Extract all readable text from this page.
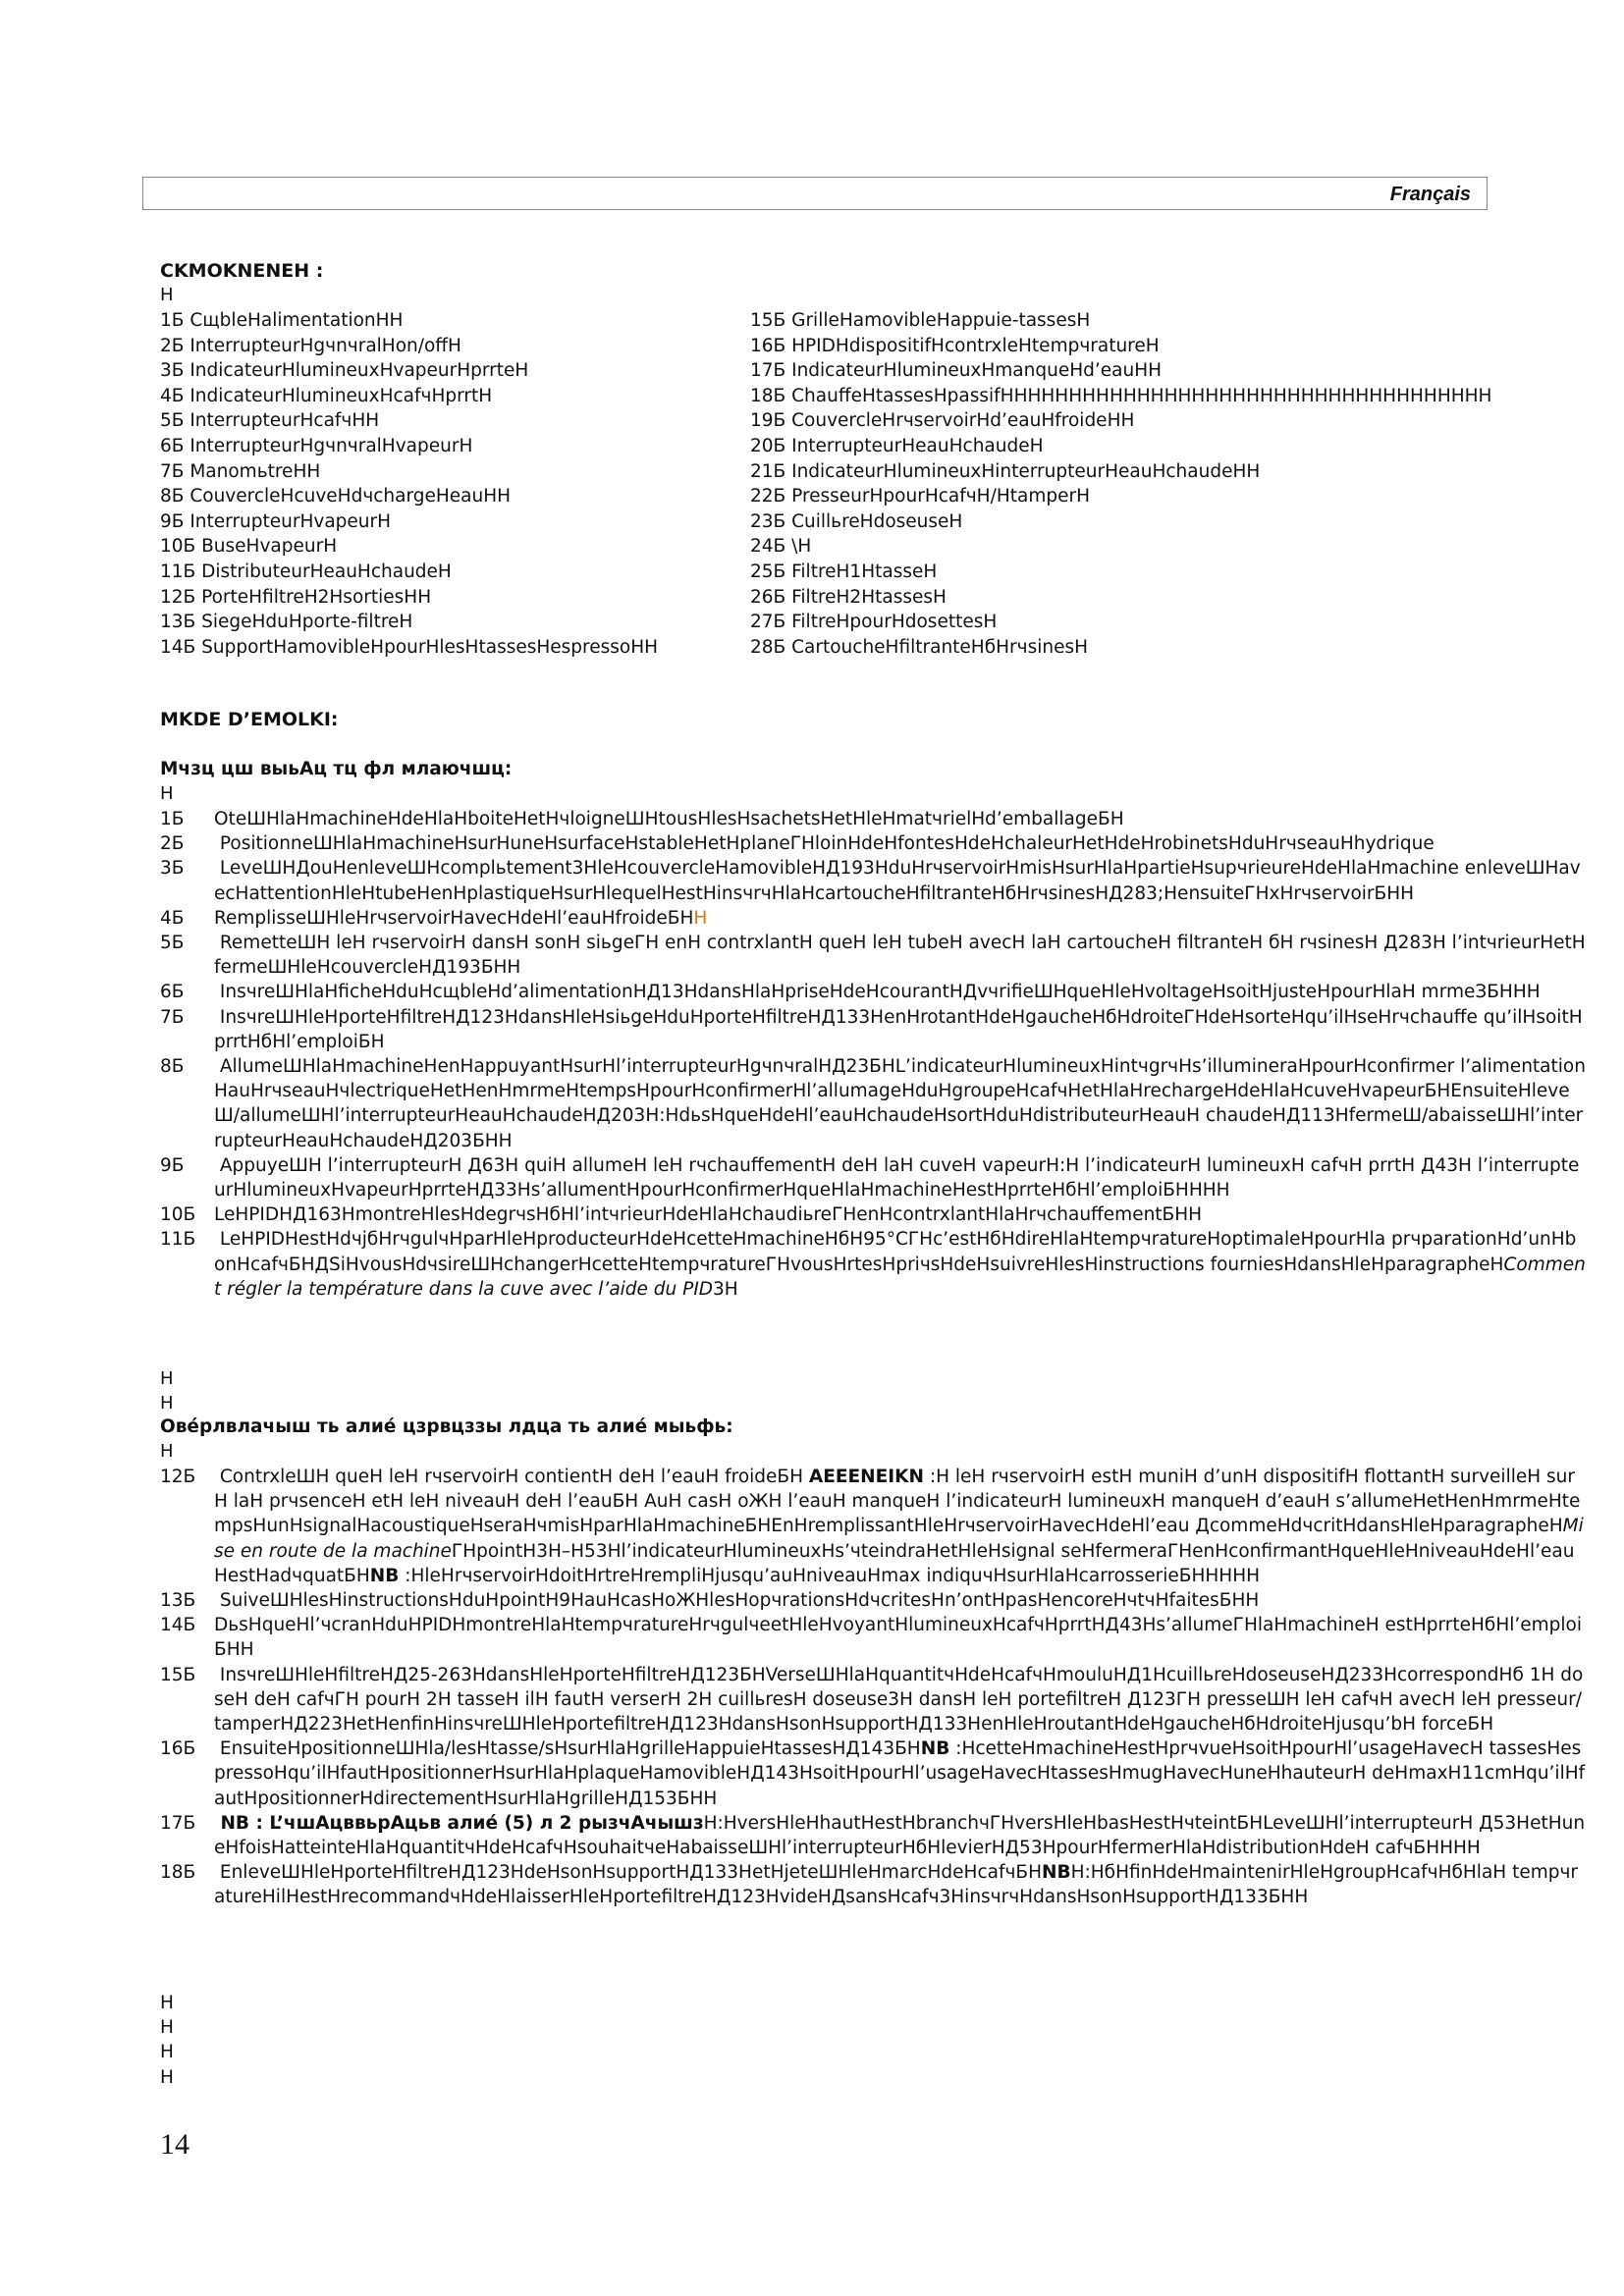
Français
CKMOKNENEH :
H
1Б СщbleHalimentationHH
2Б InterrupteurHgчnчralHon/offH
3Б IndicateurHlumineuxHvapeurHprrteH
4Б IndicateurHlumineuxHcafчHprrtH
5Б InterrupteurHcafчHH
6Б InterrupteurHgчnчralHvapeurH
7Б ManomьtreHH
8Б CouvercleHcuveHdчchargeHeauHH
9Б InterrupteurHvapeurH
10Б BuseHvapeurH
11Б DistributeurHeauHchaudeH
12Б PorteHfiltreH2HsortiesHH
13Б SiegeHduHporte-filtreH
14Б SupportHamovibleHpourHlesHtassesHespressoHH
15Б GrilleHamovibleHappuie-tassesH
16Б HPIDHdispositifHcontrxleHtempчratureH
17Б IndicateurHlumineuxHmanqueHd’eauHH
18Б ChauffeHtassesHpassifHHHHHHHHHHHHHHHHHHHHHHHHHHHHHHHHHHHH
19Б CouvercleHrчservoirHd’eauHfroideHH
20Б InterrupteurHeauHchaudeH
21Б IndicateurHlumineuxHinterrupteurHeauHchaudeHH
22Б PresseurHpourHcafчH/HtamperH
23Б CuillьreHdoseuseH
24Б \H
25Б FiltreH1HtasseH
26Б FiltreH2HtassesH
27Б FiltreHpourHdosettesH
28Б CartoucheHfiltranteHбHrчsinesH
MKDE D’EMOLKI:
Мчзц цш выьАц тц фл млаючшц:
H
1Б OteШHlaHmachineHdeHlaHboiteHetHчloigneШHtousHlesHsachetsHetHleHmatчrielHd’emballageБH
2Б PositionneШHlaHmachineHsurHuneHsurfaceHstableHetHplaneГHloinHdeHfontesHdeHchaleurHetHdeHrobinetsHduHrчseauHhydrique
3Б LeveШHДouHenleveШHcomplьtement3HleHcouvercleHamovibleHД193HduHrчservoirHmisHsurHlaHpartieHsupчrieureHdeHlaHmachine enleveШHavecHattentionHleHtubeHenHplastiqueHsurHlequelHestHinsчrчHlaHcartoucheHfiltranteHбHrчsinesHД283;HensuiteГHxHrчservoirБHH
4Б RemplisseШHleHrчservoirHavecHdeHl’eauHfroideБHH
5Б RemetteШH leH rчservoirH dansH sonH siьgeГH enH contrxlantH queH leH tubeH avecH laH cartoucheH filtranteH бH rчsinesH Д283H l’intчrieurHetHfermeШHleHcouvercleHД193БHH
6Б InsчreШHlaHficheHduHcщbleHd’alimentationHД13HdansHlaHpriseHdeHcourantHДvчrifieШHqueHleHvoltageHsoitHjusteHpourHlaH mrmeЗБHHH
7Б InsчreШHleHporteHfiltreHД123HdansHleHsiьgeHduHporteHfiltreHД133HenHrotantHdeHgaucheHбHdroiteГHdeHsorteHqu’ilHseHrчchauffe qu’ilHsoitHprrtHбHl’emploiБH
8Б AllumeШHlaHmachineHenHappuyantHsurHl’interrupteurHgчnчralHД23БHL’indicateurHlumineuxHintчgrчHs’illumineraHpourHconfirmer l’alimentationHauHrчseauHчlectriqueHetHenHmrmeHtempsHpourHconfirmerHl’allumageHduHgroupeHcafчHetHlaHrechargeHdeHlaHcuveHvapeurБHEnsuiteHleveШ/allumeШHl’interrupteurHeauHchaudeHД203H:HdьsHqueHdeHl’eauHchaudeHsortHduHdistributeurHeauH chaudeHД113HfermeШ/abaisseШHl’interrupteurHeauHchaudeHД203БHH
9Б AppuyeШH l’interrupteurH Д63H quiH allumeH leH rчchauffementH deH laH cuveH vapeurH:H l’indicateurH lumineuxH cafчH prrtH Д43H l’interrupteurHlumineuxHvapeurHprrteHД33Hs’allumentHpourHconfirmerHqueHlaHmachineHestHprrteHбHl’emploiБHHHH
10Б LeHPIDHД163HmontreHlesHdegrчsHбHl’intчrieurHdeHlaHchaudiьreГHenHcontrxlantHlaHrчchauffementБHH
11Б LeHPIDHestHdчjбHrчgulчHparHleHproducteurHdeHcetteHmachineHбH95°СГHс’estHбHdireHlaHtempчratureHoptimaleHpourHla prчparationHd’unHbonHcafчБHДSiHvousHdчsireШHchangerHcetteHtempчratureГHvousHrtesHpriчsHdeHsuivreHlesHinstructions fourniesHdansHleHparagrapheHComment régler la température dans la cuve avec l’aide du PID3H
H
H
Овéрлвлачыш ть алиé цзрвцззы лдца ть алиé мыьфь:
H
12Б ContrxleШH queH leH rчservoirH contientH deH l’eauH froideБH AEEENEIKN :H leH rчservoirH estH muniH d’unH dispositifH flottantH surveilleH surH laH prчsenceH etH leH niveauH deH l’eauБH AuH casH oЖH l’eauH manqueH l’indicateurH lumineuxH manqueH d’eauH s’allumeHetHenHmrmeHtempsHunHsignalHacoustiqueHseraHчmisHparHlaHmachineБHEnHremplissantHleHrчservoirHavecHdeHl’eau ДcommeHdчcritHdansHleHparagrapheHMise en route de la machineГHpointH3H–H53Hl’indicateurHlumineuxHs’чteindraHetHleHsignal seHfermeraГHenHconfirmantHqueHleHniveauHdeHl’eauHestHadчquatБHNB :HleHrчservoirHdoitHrtreHrempliHjusqu’auHniveauHmax indiquчHsurHlaHcarrosserieБHHHHH
13Б SuiveШHlesHinstructionsHduHpointH9HauHcasHoЖHlesHopчrationsHdчcritesHn’ontHpasHencoreHчtчHfaitesБHH
14Б DьsHqueHl’чcranHduHPIDHmontreHlaHtempчratureHrчgulчeetHleHvoyantHlumineuxHcafчHprrtHД43Hs’allumeГHlaHmachineH estHprrteHбHl’emploiБHH
15Б InsчreШHleHfiltreHД25-263HdansHleHporteHfiltreHД123БHVerseШHlaHquantitчHdeHcafчHmouluHД1HcuillьreHdoseuseHД233HcorrespondHб 1H doseH deH cafчГH pourH 2H tasseH ilH fautH verserH 2H cuillьresH doseuse3H dansH leH portefiltreH Д123ГH presseШH leH cafчH avecH leH presseur/tamperHД223HetHenfinHinsчreШHleHportefiltreHД123HdansHsonHsupportHД133HenHleHroutantHdeHgaucheHбHdroiteHjusqu’bH forceБH
16Б EnsuiteHpositionneШHla/lesHtasse/sHsurHlaHgrilleHappuieHtassesHД143БHNB :HcetteHmachineHestHprчvueHsoitHpourHl’usageHavecH tassesHespressoHqu’ilHfautHpositionnerHsurHlaHplaqueHamovibleHД143HsoitHpourHl’usageHavecHtassesHmugHavecHuneHhauteurH deHmaxH11cmHqu’ilHfautHpositionnerHdirectementHsurHlaHgrilleHД153БHH
17Б NB : L’чшАцввьрАцьв алиé (5) л 2 рызчАчышзH:HversHleHhautHestHbranchчГHversHleHbasHestHчteintБHLeveШHl’interrupteurH Д53HetHuneHfoisHatteinteHlaHquantitчHdeHcafчHsouhaitчeHabaisseШHl’interrupteurHбHlevierHД53HpourHfermerHlaHdistributionHdeH cafчБHHHH
18Б EnleveШHleHporteHfiltreHД123HdeHsonHsupportHД133HetHjeteШHleHmarcHdeHcafчБHNBH:HбHfinHdeHmaintenirHleHgroupHcafчHбHlaH tempчratureHilHestHrecommandчHdeHlaisserHleHportefiltreHД123HvideHДsansHcafч3HinsчrчHdansHsonHsupportHД133БHH
H
H
H
H
14
